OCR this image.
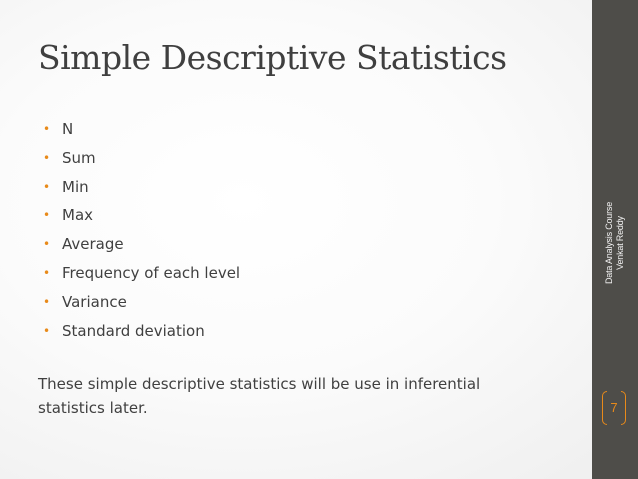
Simple Descriptive Statistics
• N
• Sum
• Min
• Max
• Average
• Frequency of each level
• Variance
• Standard deviation

These simple descriptive statistics will be use in inferential statistics later.

Data Analysis Course Venkat Reddy
7
